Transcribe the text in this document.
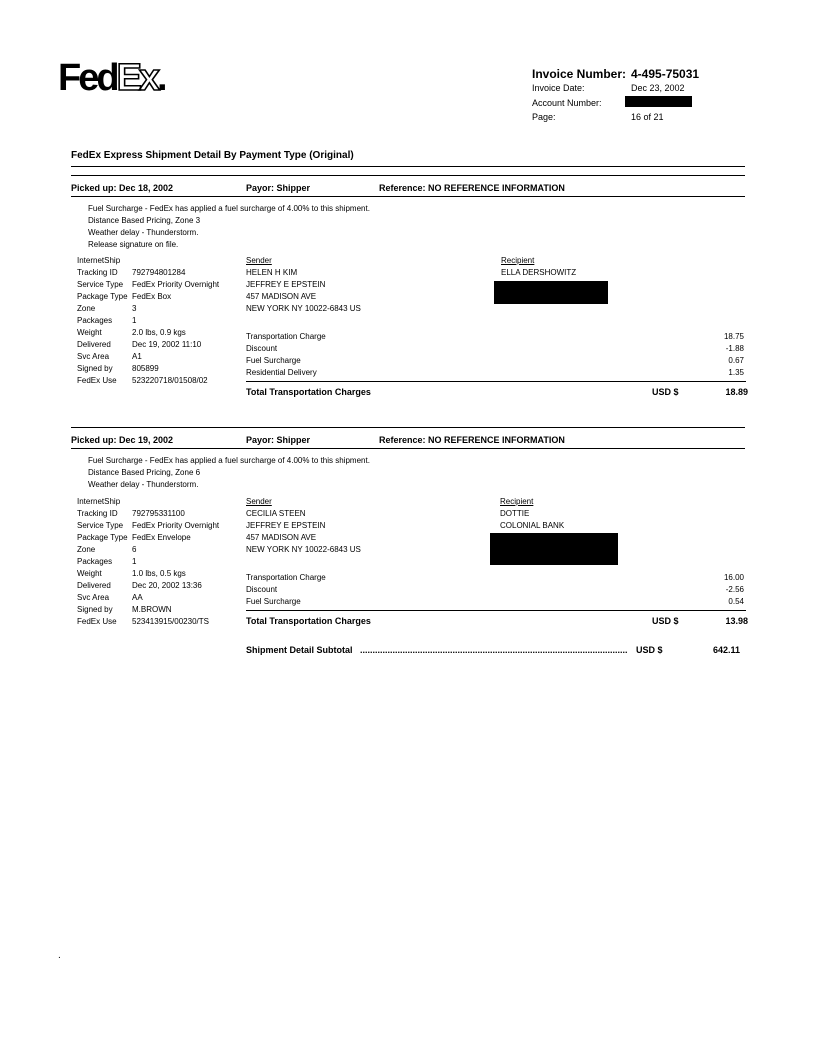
FedEx.	Invoice Number: 4-495-75031
Invoice Date:	Dec 23, 2002
Account Number:
Page:	16 of 21
FedEx Express Shipment Detail By Payment Type (Original)
Picked up: Dec 18, 2002	Payor: Shipper	Reference: NO REFERENCE INFORMATION
Fuel Surcharge - FedEx has applied a fuel surcharge of 4.00% to this shipment.
Distance Based Pricing, Zone 3
Weather delay - Thunderstorm.
Release signature on file.
InternetShip
Tracking ID 792794801284
Service Type FedEx Priority Overnight
Package Type FedEx Box
Zone	3
Packages 1
Weight	2.0 lbs, 0.9 kgs
Delivered	Dec 19, 2002 11:10
Svc Area	A1
Signed by 805899
FedEx Use 523220718/01508/02
Sender
HELEN H KIM
JEFFREY E EPSTEIN
457 MADISON AVE
NEW YORK NY 10022-6843 US
Recipient
ELLA DERSHOWITZ
Transportation Charge	18.75
Discount	-1.88
Fuel Surcharge	0.67
Residential Delivery	1.35
Total Transportation Charges	USD $	18.89
Picked up: Dec 19, 2002	Payor: Shipper	Reference: NO REFERENCE INFORMATION
Fuel Surcharge - FedEx has applied a fuel surcharge of 4.00% to this shipment.
Distance Based Pricing, Zone 6
Weather delay - Thunderstorm.
InternetShip
Tracking ID 792795331100
Service Type FedEx Priority Overnight
Package Type FedEx Envelope
Zone	6
Packages 1
Weight	1.0 lbs, 0.5 kgs
Delivered	Dec 20, 2002 13:36
Svc Area	AA
Signed by M.BROWN
FedEx Use 523413915/00230/TS
Sender
CECILIA STEEN
JEFFREY E EPSTEIN
457 MADISON AVE
NEW YORK NY 10022-6843 US
Recipient
DOTTIE
COLONIAL BANK
Transportation Charge	16.00
Discount	-2.56
Fuel Surcharge	0.54
Total Transportation Charges	USD $	13.98
Shipment Detail Subtotal ........................................................................................................... USD $	642.11
.
